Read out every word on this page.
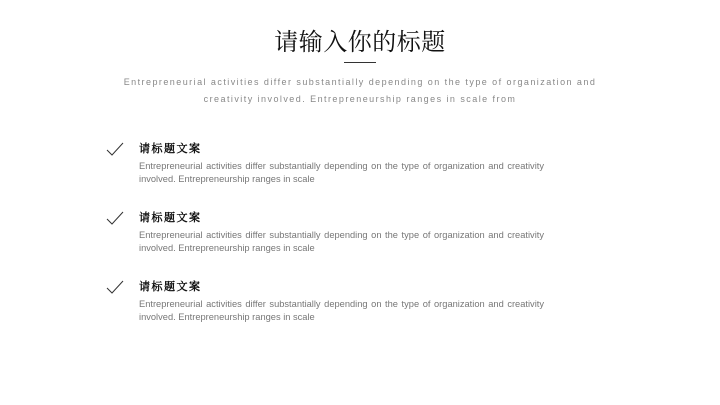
请输入你的标题
Entrepreneurial activities differ substantially depending on the type of organization and
creativity involved. Entrepreneurship ranges in scale from
请标题文案
Entrepreneurial activities differ substantially depending on the type of organization and creativity involved. Entrepreneurship ranges in scale
请标题文案
Entrepreneurial activities differ substantially depending on the type of organization and creativity involved. Entrepreneurship ranges in scale
请标题文案
Entrepreneurial activities differ substantially depending on the type of organization and creativity involved. Entrepreneurship ranges in scale
